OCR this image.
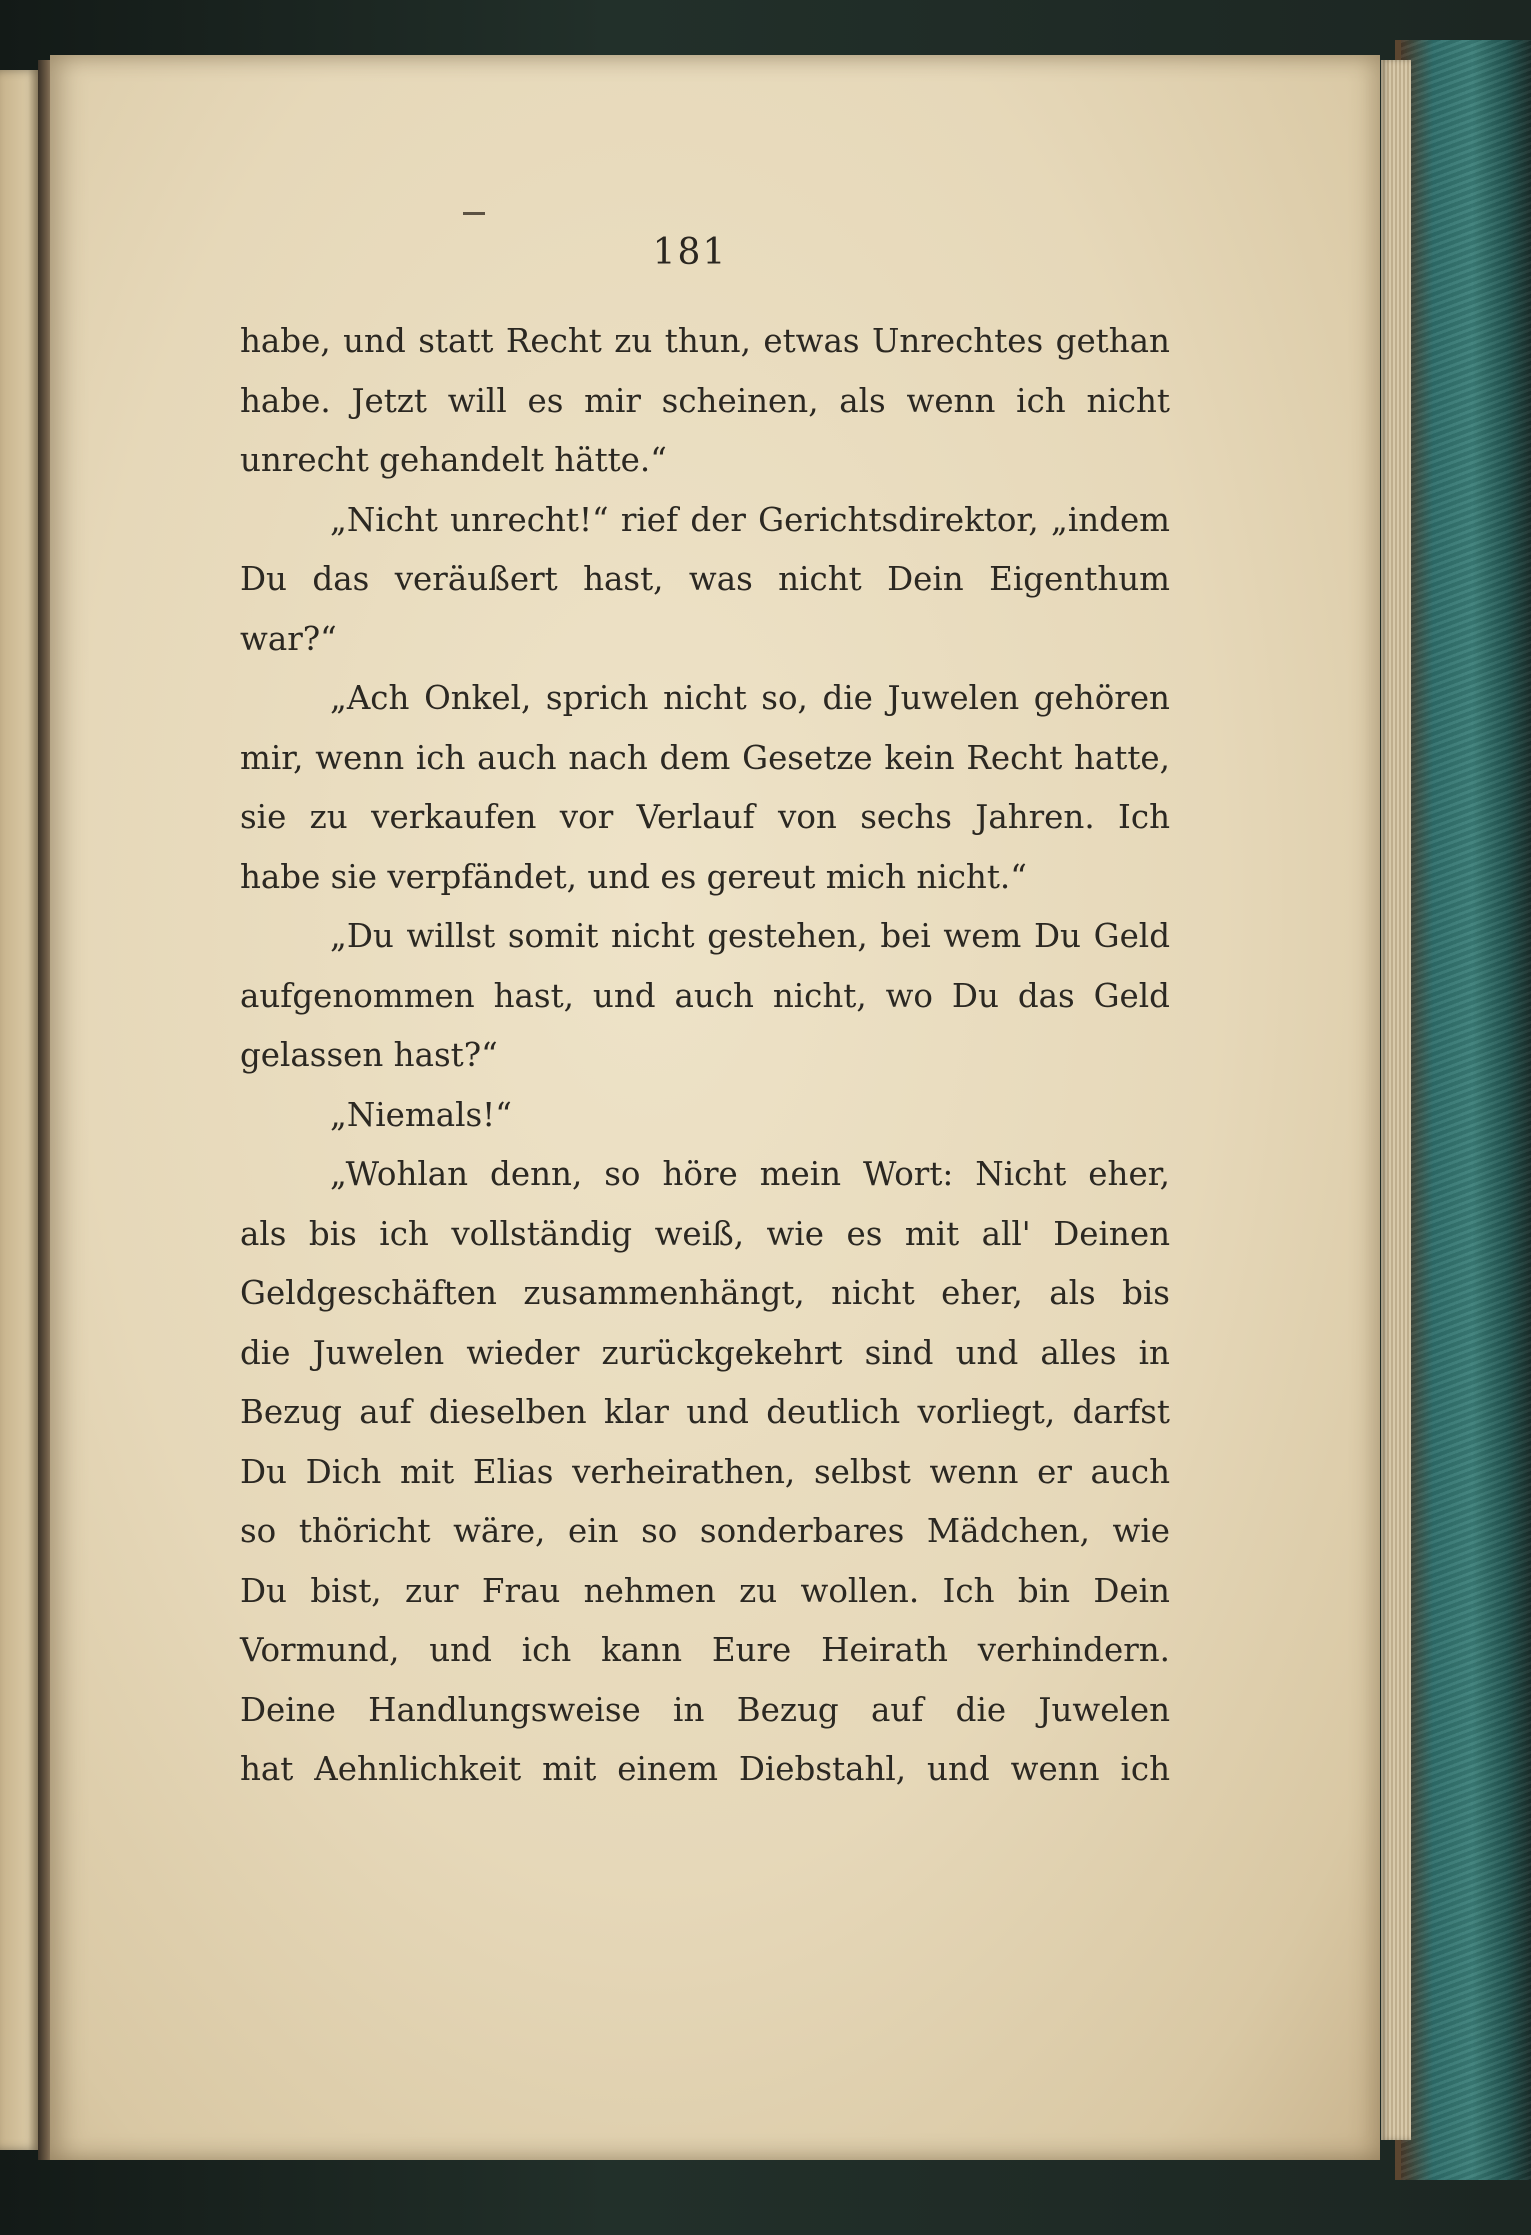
181
habe, und statt Recht zu thun, etwas Unrechtes gethan
habe. Jetzt will es mir scheinen, als wenn ich nicht
unrecht gehandelt hätte.“
„Nicht unrecht!“ rief der Gerichtsdirektor, „indem
Du das veräußert hast, was nicht Dein Eigenthum
war?“
„Ach Onkel, sprich nicht so, die Juwelen gehören
mir, wenn ich auch nach dem Gesetze kein Recht hatte,
sie zu verkaufen vor Verlauf von sechs Jahren. Ich
habe sie verpfändet, und es gereut mich nicht.“
„Du willst somit nicht gestehen, bei wem Du Geld
aufgenommen hast, und auch nicht, wo Du das Geld
gelassen hast?“
„Niemals!“
„Wohlan denn, so höre mein Wort: Nicht eher,
als bis ich vollständig weiß, wie es mit all' Deinen
Geldgeschäften zusammenhängt, nicht eher, als bis
die Juwelen wieder zurückgekehrt sind und alles in
Bezug auf dieselben klar und deutlich vorliegt, darfst
Du Dich mit Elias verheirathen, selbst wenn er auch
so thöricht wäre, ein so sonderbares Mädchen, wie
Du bist, zur Frau nehmen zu wollen. Ich bin Dein
Vormund, und ich kann Eure Heirath verhindern.
Deine Handlungsweise in Bezug auf die Juwelen
hat Aehnlichkeit mit einem Diebstahl, und wenn ich
